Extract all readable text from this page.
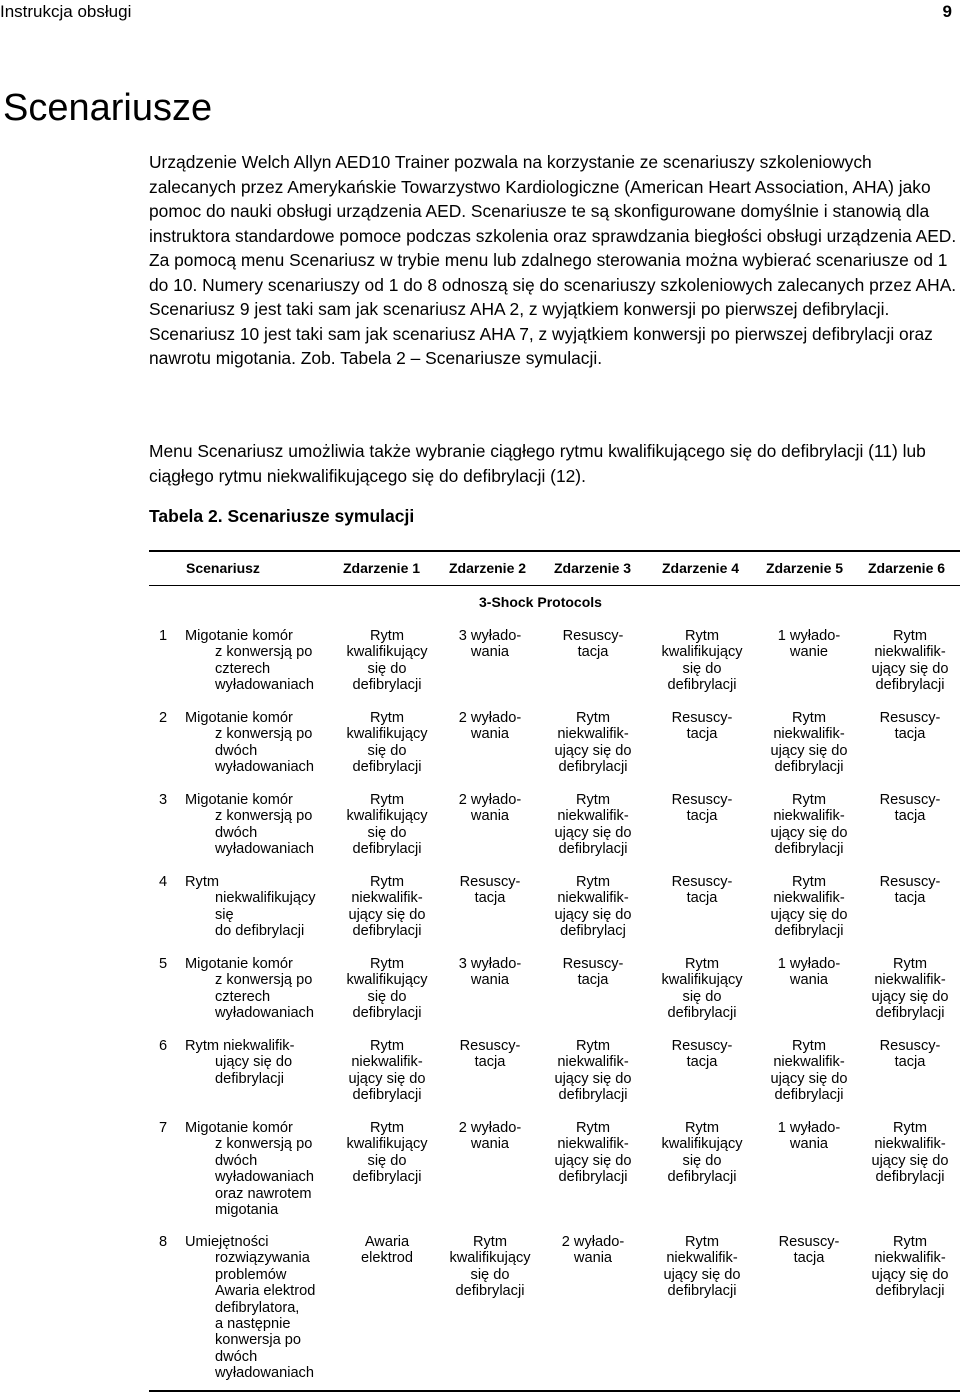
Instrukcja obsługi	9
Scenariusze

Urządzenie Welch Allyn AED10 Trainer pozwala na korzystanie ze scenariuszy szkoleniowych zalecanych przez Amerykańskie Towarzystwo Kardiologiczne (American Heart Association, AHA) jako pomoc do nauki obsługi urządzenia AED. Scenariusze te są skonfigurowane domyślnie i stanowią dla instruktora standardowe pomoce podczas szkolenia oraz sprawdzania biegłości obsługi urządzenia AED. Za pomocą menu Scenariusz w trybie menu lub zdalnego sterowania można wybierać scenariusze od 1 do 10. Numery scenariuszy od 1 do 8 odnoszą się do scenariuszy szkoleniowych zalecanych przez AHA. Scenariusz 9 jest taki sam jak scenariusz AHA 2, z wyjątkiem konwersji po pierwszej defibrylacji. Scenariusz 10 jest taki sam jak scenariusz AHA 7, z wyjątkiem konwersji po pierwszej defibrylacji oraz nawrotu migotania. Zob. Tabela 2 – Scenariusze symulacji.

Menu Scenariusz umożliwia także wybranie ciągłego rytmu kwalifikującego się do defibrylacji (11) lub ciągłego rytmu niekwalifikującego się do defibrylacji (12).

Tabela 2. Scenariusze symulacji

Scenariusz	Zdarzenie 1 Zdarzenie 2 Zdarzenie 3 Zdarzenie 4 Zdarzenie 5 Zdarzenie 6
3-Shock Protocols
1 Migotanie komór
z konwersją po
czterech
wyładowaniach
Rytm
kwalifikujący
się do
defibrylacji
3 wyłado-
wania
Resuscy-
tacja
Rytm
kwalifikujący
się do
defibrylacji
1 wyłado-
wanie
Rytm
niekwalifik-
ujący się do
defibrylacji
2 Migotanie komór
z konwersją po
dwóch
wyładowaniach
Rytm
kwalifikujący
się do
defibrylacji
2 wyłado-
wania
Rytm
niekwalifik-
ujący się do
defibrylacji
Resuscy-
tacja
Rytm
niekwalifik-
ujący się do
defibrylacji
Resuscy-
tacja
3 Migotanie komór
z konwersją po
dwóch
wyładowaniach
Rytm
kwalifikujący
się do
defibrylacji
2 wyłado-
wania
Rytm
niekwalifik-
ujący się do
defibrylacji
Resuscy-
tacja
Rytm
niekwalifik-
ujący się do
defibrylacji
Resuscy-
tacja
4 Rytm
niekwalifikujący się
do defibrylacji
Rytm
niekwalifik-
ujący się do
defibrylacji
Resuscy-
tacja
Rytm
niekwalifik-
ujący się do
defibrylacj
Resuscy-
tacja
Rytm
niekwalifik-
ujący się do
defibrylacji
Resuscy-
tacja
5 Migotanie komór
z konwersją po
czterech
wyładowaniach
Rytm
kwalifikujący
się do
defibrylacji
3 wyłado-
wania
Resuscy-
tacja
Rytm
kwalifikujący
się do
defibrylacji
1 wyłado-
wania
Rytm
niekwalifik-
ujący się do
defibrylacji
6 Rytm niekwalifik-
ujący się do
defibrylacji
Rytm
niekwalifik-
ujący się do
defibrylacji
Resuscy-
tacja
Rytm
niekwalifik-
ujący się do
defibrylacji
Resuscy-
tacja
Rytm
niekwalifik-
ujący się do
defibrylacji
Resuscy-
tacja
7 Migotanie komór
z konwersją po
dwóch
wyładowaniach
oraz nawrotem
migotania
Rytm
kwalifikujący
się do
defibrylacji
2 wyłado-
wania
Rytm
niekwalifik-
ujący się do
defibrylacji
Rytm
kwalifikujący
się do
defibrylacji
1 wyłado-
wania
Rytm
niekwalifik-
ujący się do
defibrylacji
8 Umiejętności
rozwiązywania
problemów
Awaria elektrod
defibrylatora,
a następnie
konwersja po
dwóch
wyładowaniach
Awaria
elektrod
Rytm
kwalifikujący
się do
defibrylacji
2 wyłado-
wania
Rytm
niekwalifik-
ujący się do
defibrylacji
Resuscy-
tacja
Rytm
niekwalifik-
ujący się do
defibrylacji
